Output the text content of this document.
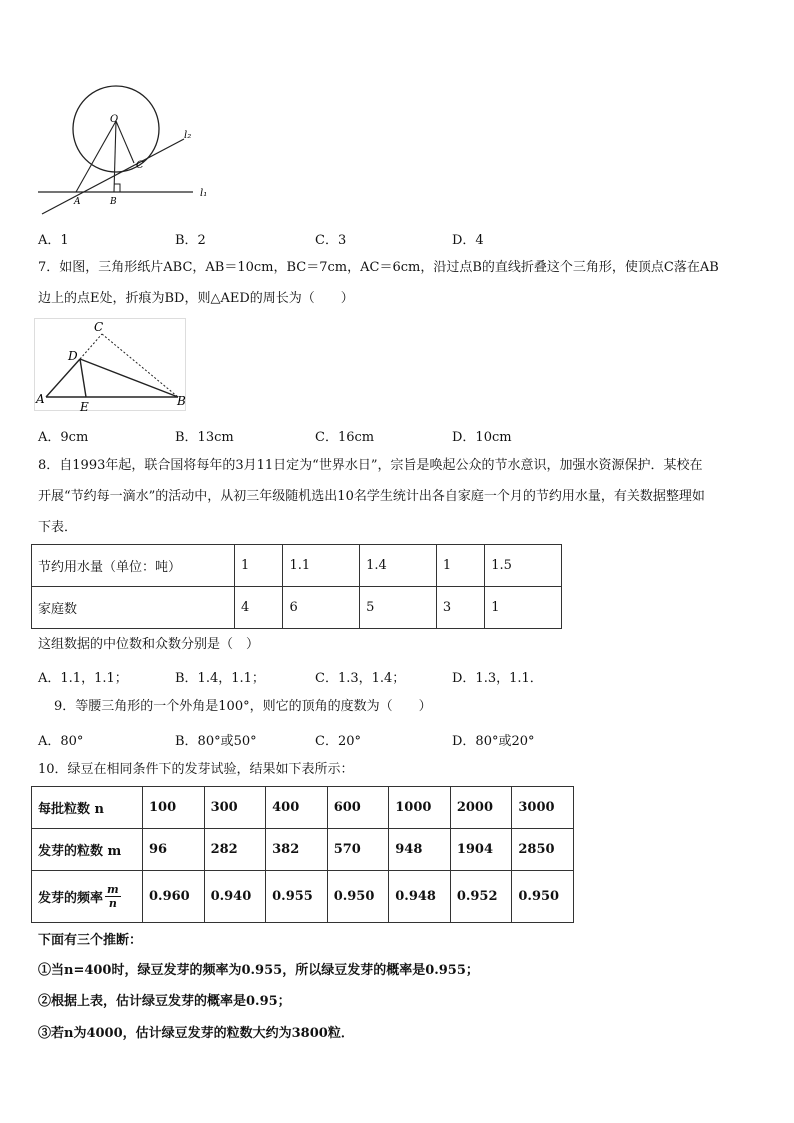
O
C
A	B
l₂
l₁
A．1	B．2	C．3	D．4
7．如图，三角形纸片ABC，AB＝10cm，BC＝7cm，AC＝6cm，沿过点B的直线折叠这个三角形，使顶点C落在AB
边上的点E处，折痕为BD，则△AED的周长为（　　）
C
D
A
E	B
A．9cm	B．13cm	C．16cm	D．10cm
8．自1993年起，联合国将每年的3月11日定为“世界水日”，宗旨是唤起公众的节水意识，加强水资源保护．某校在
开展“节约每一滴水”的活动中，从初三年级随机选出10名学生统计出各自家庭一个月的节约用水量，有关数据整理如
下表．
节约用水量（单位：吨）	1	1.1	1.4	1	1.5
家庭数	4	6	5	3	1
这组数据的中位数和众数分别是（　）
A．1.1，1.1；	B．1.4，1.1；	C．1.3，1.4；	D．1.3，1.1．
9．等腰三角形的一个外角是100°，则它的顶角的度数为（　　）
A．80°	B．80°或50°	C．20°	D．80°或20°
10．绿豆在相同条件下的发芽试验，结果如下表所示：
每批粒数 n	100	300	400	600	1000	2000	3000
发芽的粒数 m	96	282	382	570	948	1904	2850
发芽的频率 $\frac{m}{n}$	0.960	0.940	0.955	0.950	0.948	0.952	0.950
下面有三个推断：
①当n=400时，绿豆发芽的频率为0.955，所以绿豆发芽的概率是0.955；
②根据上表，估计绿豆发芽的概率是0.95；
③若n为4000，估计绿豆发芽的粒数大约为3800粒．
